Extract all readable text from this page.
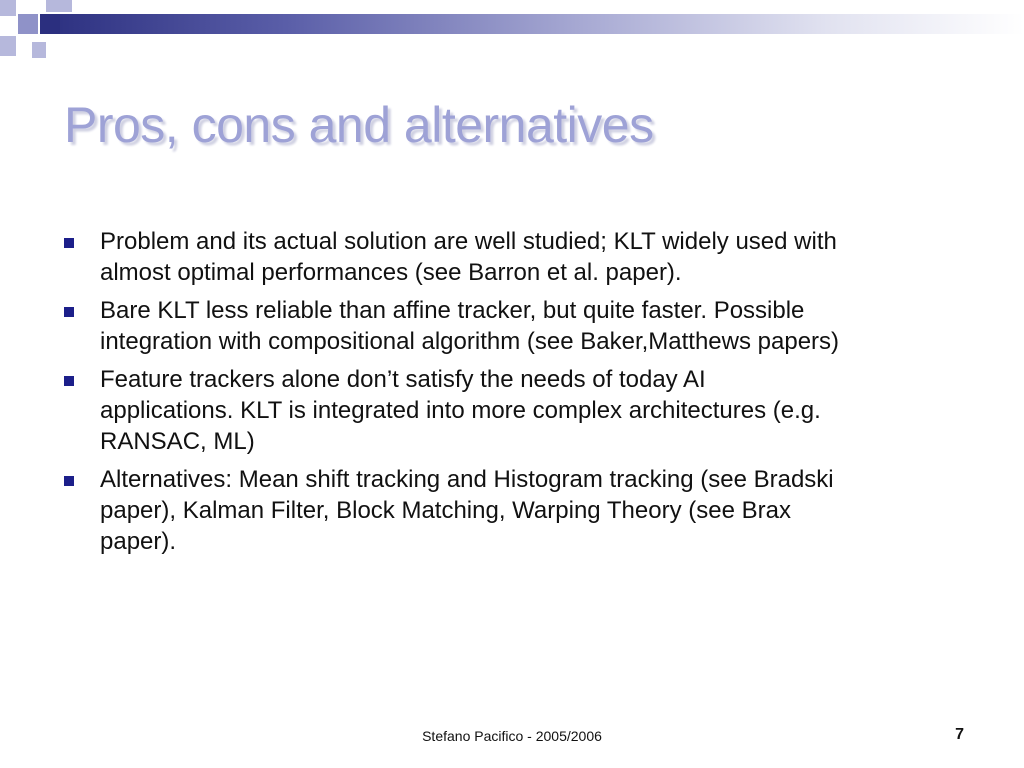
Pros, cons and alternatives
Problem and its actual solution are well studied; KLT widely used with almost optimal performances (see Barron et al. paper).
Bare KLT less reliable than affine tracker, but quite faster. Possible integration with compositional algorithm (see Baker,Matthews papers)
Feature trackers alone don’t satisfy the needs of today AI applications. KLT is integrated into more complex architectures (e.g. RANSAC, ML)
Alternatives: Mean shift tracking and Histogram tracking (see Bradski paper), Kalman Filter, Block Matching, Warping Theory (see Brax paper).
Stefano Pacifico - 2005/2006	7
